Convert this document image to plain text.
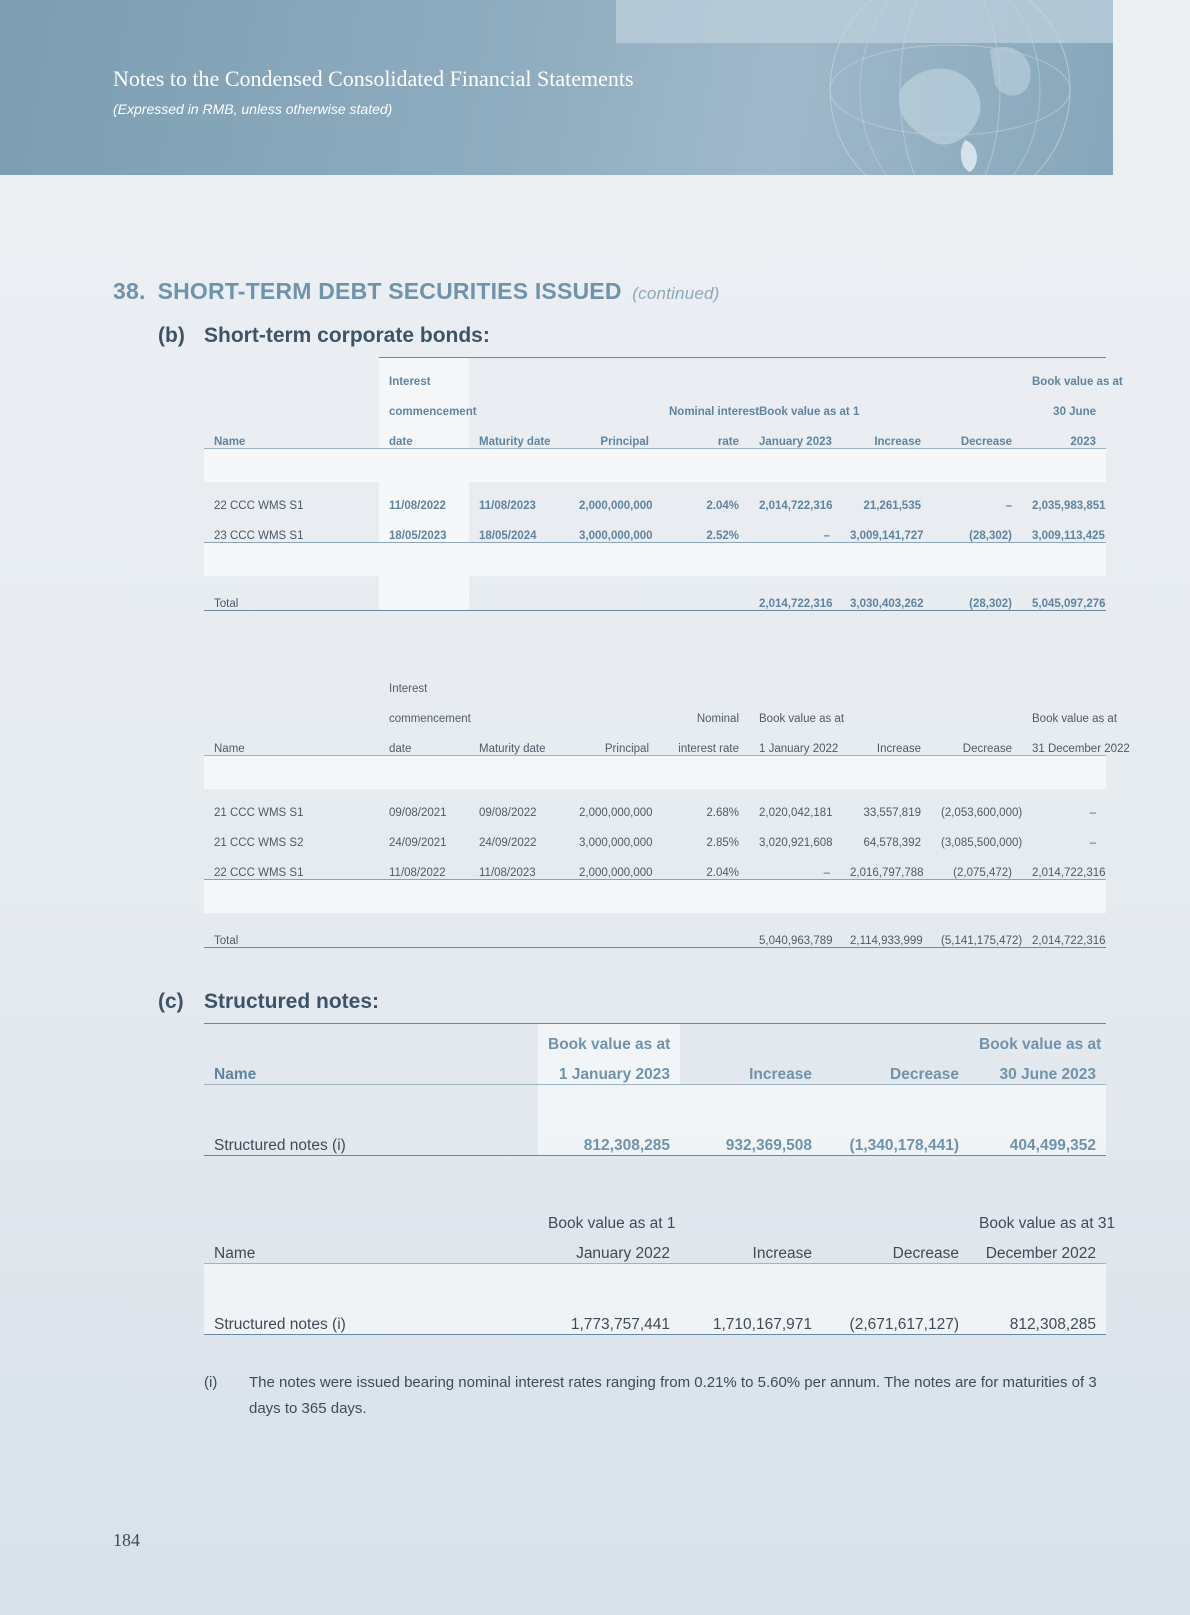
Notes to the Condensed Consolidated Financial Statements

(Expressed in RMB, unless otherwise stated)

38. SHORT-TERM DEBT SECURITIES ISSUED (continued)
(b) Short-term corporate bonds:
	Interest							Book value as at
	commencement			Nominal interest	Book value as at 1			30 June
Name	date	Maturity date	Principal	rate	January 2023	Increase	Decrease	2023

22 CCC WMS S1	11/08/2022	11/08/2023	2,000,000,000	2.04%	2,014,722,316	21,261,535	–	2,035,983,851
23 CCC WMS S1	18/05/2023	18/05/2024	3,000,000,000	2.52%	–	3,009,141,727	(28,302)	3,009,113,425

Total					2,014,722,316	3,030,403,262	(28,302)	5,045,097,276
	Interest							
	commencement			Nominal	Book value as at			Book value as at
Name	date	Maturity date	Principal	interest rate	1 January 2022	Increase	Decrease	31 December 2022

21 CCC WMS S1	09/08/2021	09/08/2022	2,000,000,000	2.68%	2,020,042,181	33,557,819	(2,053,600,000)	–
21 CCC WMS S2	24/09/2021	24/09/2022	3,000,000,000	2.85%	3,020,921,608	64,578,392	(3,085,500,000)	–
22 CCC WMS S1	11/08/2022	11/08/2023	2,000,000,000	2.04%	–	2,016,797,788	(2,075,472)	2,014,722,316

Total					5,040,963,789	2,114,933,999	(5,141,175,472)	2,014,722,316
(c) Structured notes:
	Book value as at			Book value as at
Name	1 January 2023	Increase	Decrease	30 June 2023

Structured notes (i)	812,308,285	932,369,508	(1,340,178,441)	404,499,352
	Book value as at 1			Book value as at 31
Name	January 2022	Increase	Decrease	December 2022

Structured notes (i)	1,773,757,441	1,710,167,971	(2,671,617,127)	812,308,285
(i) The notes were issued bearing nominal interest rates ranging from 0.21% to 5.60% per annum. The notes are for maturities of 3 days to 365 days.
184
